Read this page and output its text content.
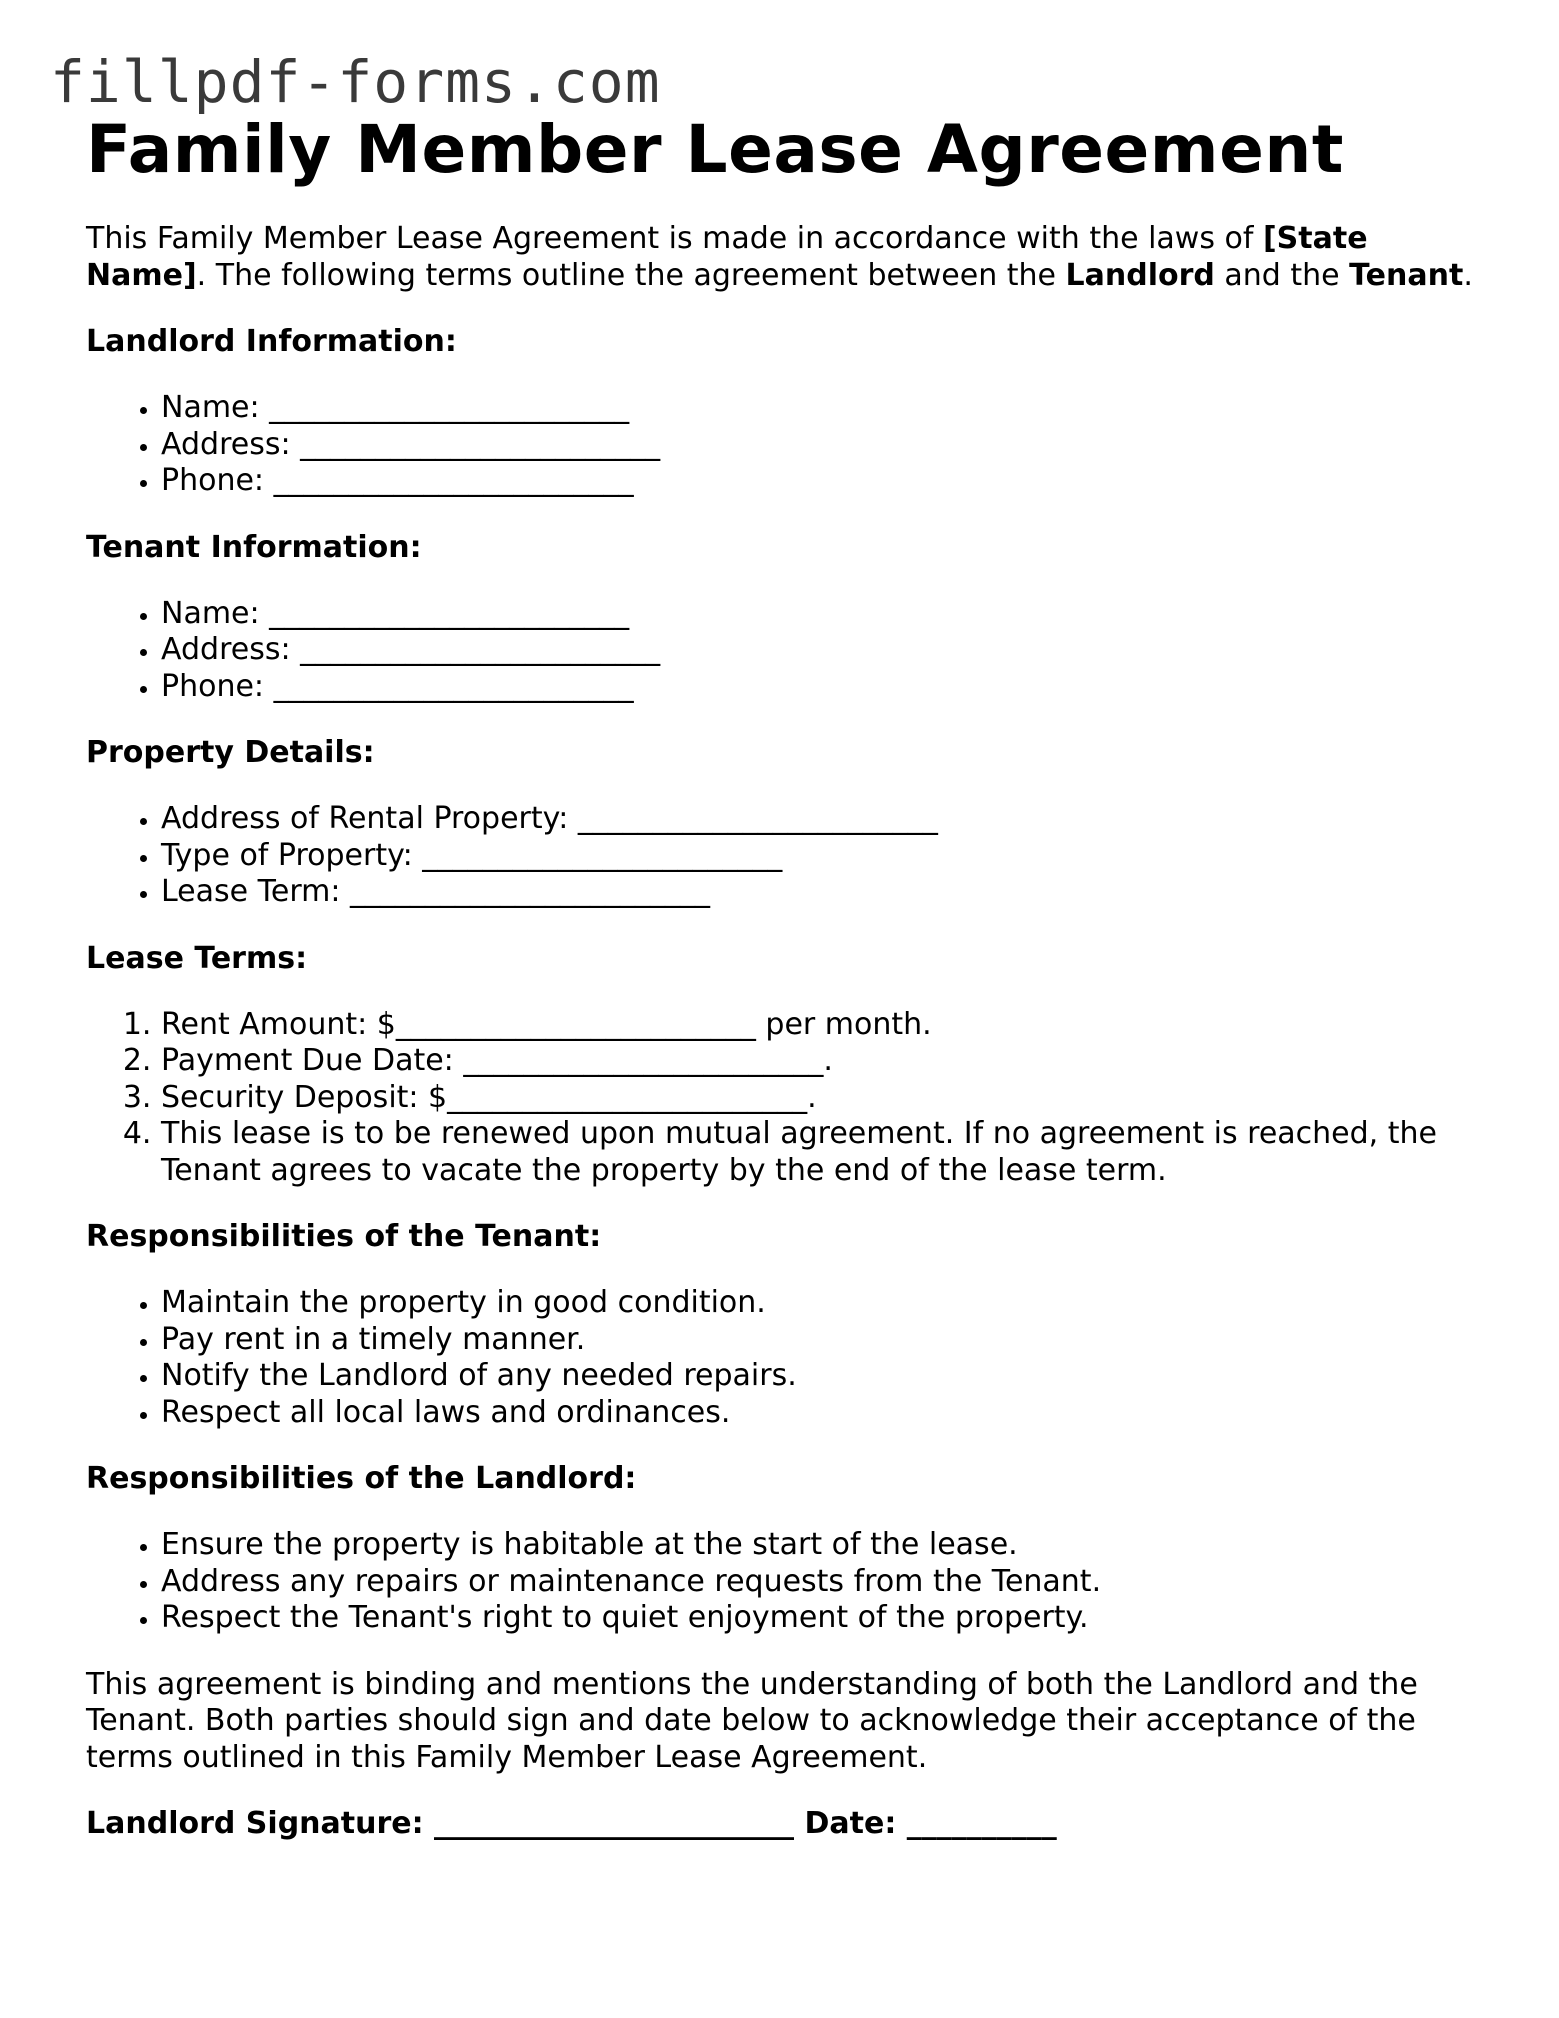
fillpdf-forms.com
Family Member Lease Agreement

This Family Member Lease Agreement is made in accordance with the laws of [State Name]. The following terms outline the agreement between the Landlord and the Tenant.

Landlord Information:
• Name: ________________________
• Address: ________________________
• Phone: ________________________
Tenant Information:
• Name: ________________________
• Address: ________________________
• Phone: ________________________
Property Details:
• Address of Rental Property: ________________________
• Type of Property: ________________________
• Lease Term: ________________________
Lease Terms:
1. Rent Amount: $________________________ per month.
2. Payment Due Date: ________________________.
3. Security Deposit: $________________________.
4. This lease is to be renewed upon mutual agreement. If no agreement is reached, the Tenant agrees to vacate the property by the end of the lease term.
Responsibilities of the Tenant:
• Maintain the property in good condition.
• Pay rent in a timely manner.
• Notify the Landlord of any needed repairs.
• Respect all local laws and ordinances.
Responsibilities of the Landlord:
• Ensure the property is habitable at the start of the lease.
• Address any repairs or maintenance requests from the Tenant.
• Respect the Tenant's right to quiet enjoyment of the property.

This agreement is binding and mentions the understanding of both the Landlord and the Tenant. Both parties should sign and date below to acknowledge their acceptance of the terms outlined in this Family Member Lease Agreement.

Landlord Signature: ________________________ Date: __________
